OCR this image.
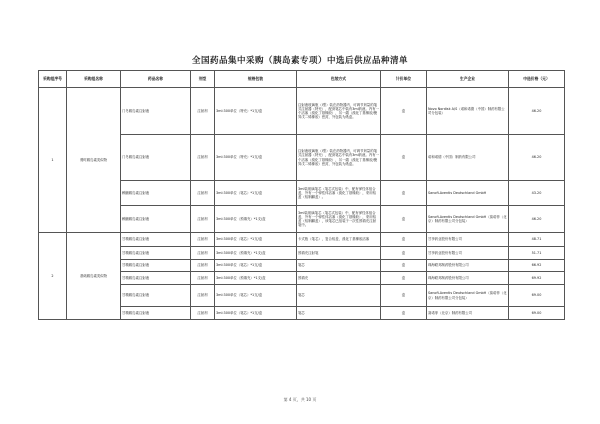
全国药品集中采购（胰岛素专项）中选后供应品种清单
采购组序号	采购组名称	药品名称	剂型	规格包装	包装方式	计价单位	生产企业	中选价格（元）
1	餐时胰岛素类似物	门冬胰岛素注射液	注射剂	3ml:300单位（特充）*1支/盒	注射液玻璃瓶（Ⅰ型）装在药物器内，可调节剂量的笔式注射器（特充），配套笔芯中装有3ml药液。内有一个活塞（溴化丁基橡胶），另一端（溴化丁基橡胶/聚异戊二烯橡胶）密封，外包装为纸盒。	盒	Novo Nordisk A/S（诺和诺德（中国）制药有限公司分包装）	46.20
		门冬胰岛素注射液	注射剂	3ml:300单位（特充）*1支/盒	注射液玻璃瓶（Ⅰ型）装在药物器内，可调节剂量的笔式注射器（特充），配套笔芯中装有3ml药液。内有一个活塞（溴化丁基橡胶），另一端（溴化丁基橡胶/聚异戊二烯橡胶）密封，外包装为纸盒。	盒	诺和诺德（中国）制药有限公司	46.20
		赖脯胰岛素注射液	注射剂	3ml:300单位（笔芯）*1支/盒	3ml装玻璃笔芯（笔芯式包装）中，配有弹性体组合盖，外有一个弹性体活塞（溴化丁基橡胶），采用铝盖（铝制翻盖）。	盒	Sanofi-Aventis Deutschland GmbH	43.20
		赖脯胰岛素注射液	注射剂	3ml:300单位（预填充）*1支/盒	3ml装玻璃笔芯（笔芯式包装）中，配有弹性体组合盖，外有一个弹性体活塞（溴化丁基橡胶），采用铝盖（铝制翻盖），该笔芯已组装于一次性预填充注射笔中。	盒	Sanofi-Aventis Deutschland GmbH（赛诺菲（北京）制药有限公司分包装）	46.20
2	基础胰岛素类似物	甘精胰岛素注射液	注射剂	3ml:300单位（笔芯）*1支/盒	卡式瓶（笔芯），复合铝盖，溴化丁基橡胶活塞	盒	甘李药业股份有限公司	48.71
		甘精胰岛素注射液	注射剂	3ml:300单位（预填充）*1支/盒	预填充注射笔	盒	甘李药业股份有限公司	51.71
		甘精胰岛素注射液	注射剂	3ml:300单位（笔芯）*1支/盒	笔芯	盒	珠海联邦制药股份有限公司	66.92
		甘精胰岛素注射液	注射剂	3ml:300单位（预填充）*1支/盒	预填充	盒	珠海联邦制药股份有限公司	69.92
		甘精胰岛素注射液	注射剂	3ml:300单位（笔芯）*1支/盒	笔芯	盒	Sanofi-Aventis Deutschland GmbH（赛诺菲（北京）制药有限公司分包装）	69.00
		甘精胰岛素注射液	注射剂	3ml:300单位（笔芯）*1支/盒	笔芯	盒	赛诺菲（北京）制药有限公司	69.00
第 4 页，共 10 页
